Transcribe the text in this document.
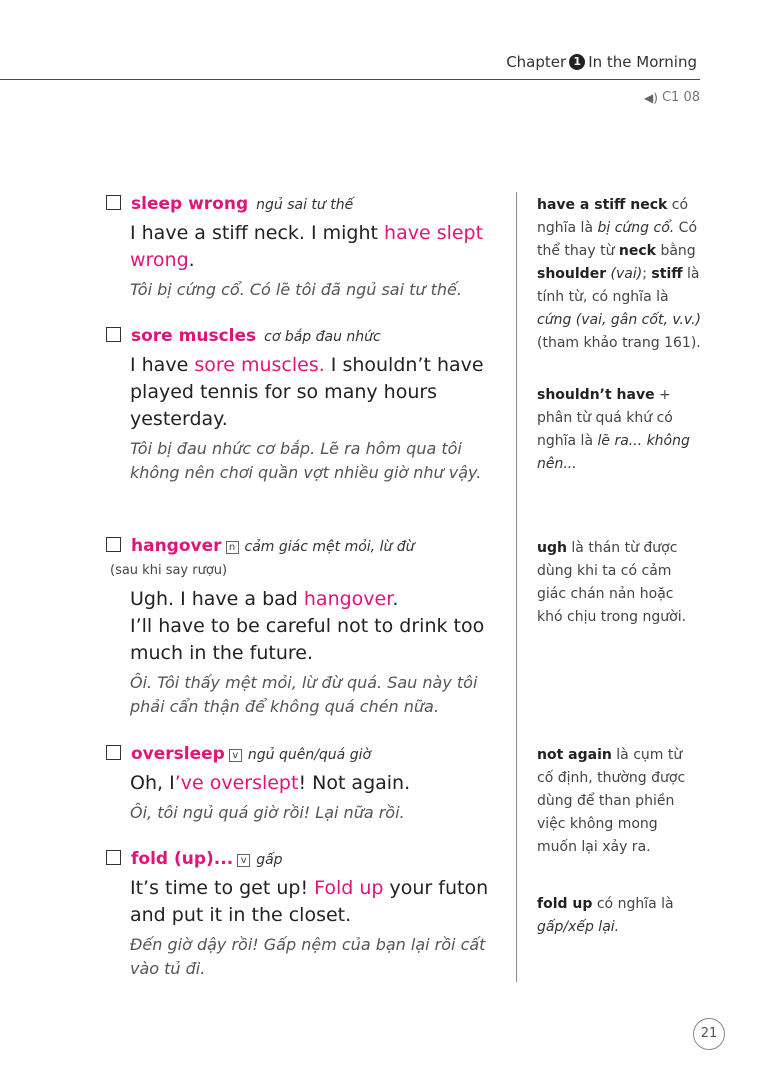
Chapter 1 In the Morning
◀) C1 08
sleep wrong ngủ sai tư thế
I have a stiff neck. I might have slept wrong.
Tôi bị cứng cổ. Có lẽ tôi đã ngủ sai tư thế.
sore muscles cơ bắp đau nhức
I have sore muscles. I shouldn’t have played tennis for so many hours yesterday.
Tôi bị đau nhức cơ bắp. Lẽ ra hôm qua tôi không nên chơi quần vợt nhiều giờ như vậy.
hangover n cảm giác mệt mỏi, lừ đừ
(sau khi say rượu)
Ugh. I have a bad hangover.
I’ll have to be careful not to drink too much in the future.
Ôi. Tôi thấy mệt mỏi, lừ đừ quá. Sau này tôi phải cẩn thận để không quá chén nữa.
oversleep v ngủ quên/quá giờ
Oh, I’ve overslept! Not again.
Ôi, tôi ngủ quá giờ rồi! Lại nữa rồi.
fold (up)... v gấp
It’s time to get up! Fold up your futon and put it in the closet.
Đến giờ dậy rồi! Gấp nệm của bạn lại rồi cất vào tủ đi.
have a stiff neck có nghĩa là bị cứng cổ. Có thể thay từ neck bằng shoulder (vai); stiff là tính từ, có nghĩa là cứng (vai, gân cốt, v.v.) (tham khảo trang 161).
shouldn’t have + phân từ quá khứ có nghĩa là lẽ ra... không nên...
ugh là thán từ được dùng khi ta có cảm giác chán nản hoặc khó chịu trong người.
not again là cụm từ cố định, thường được dùng để than phiền việc không mong muốn lại xảy ra.
fold up có nghĩa là gấp/xếp lại.
21
